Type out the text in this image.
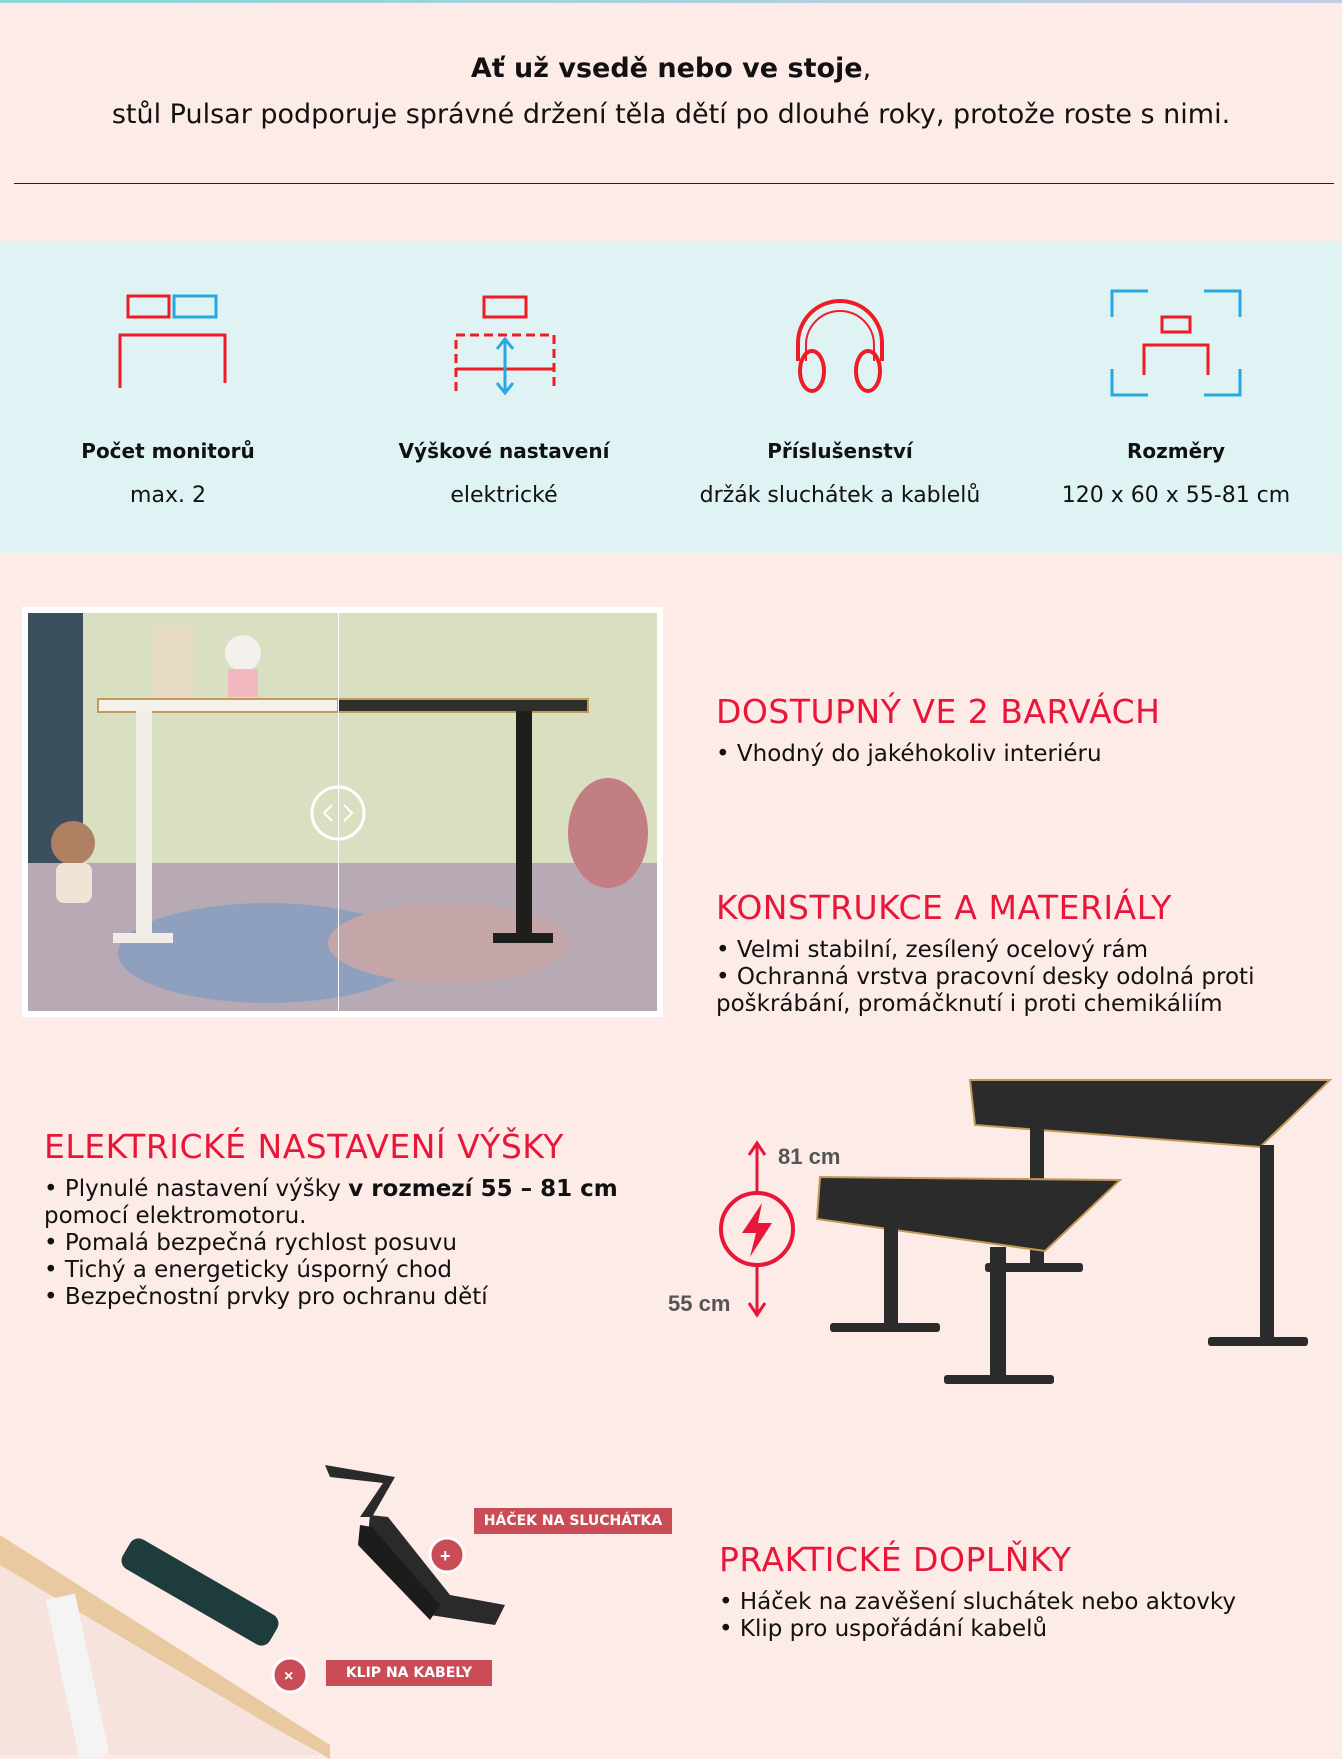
Ať už vsedě nebo ve stoje,
stůl Pulsar podporuje správné držení těla dětí po dlouhé roky, protože roste s nimi.
Počet monitorů
max. 2
Výškové nastavení
elektrické
Příslušenství
držák sluchátek a kablelů
Rozměry
120 x 60 x 55-81 cm
DOSTUPNÝ VE 2 BARVÁCH

• Vhodný do jakéhokoliv interiéru

KONSTRUKCE A MATERIÁLY

• Velmi stabilní, zesílený ocelový rám

• Ochranná vrstva pracovní desky odolná proti poškrábání, promáčknutí i proti chemikáliím

ELEKTRICKÉ NASTAVENÍ VÝŠKY

• Plynulé nastavení výšky v rozmezí 55 – 81 cm
pomocí elektromotoru.

• Pomalá bezpečná rychlost posuvu

• Tichý a energeticky úsporný chod

• Bezpečnostní prvky pro ochranu dětí

81 cm
55 cm
×
+
HÁČEK NA SLUCHÁTKA
KLIP NA KABELY
PRAKTICKÉ DOPLŇKY

• Háček na zavěšení sluchátek nebo aktovky

• Klip pro uspořádání kabelů
